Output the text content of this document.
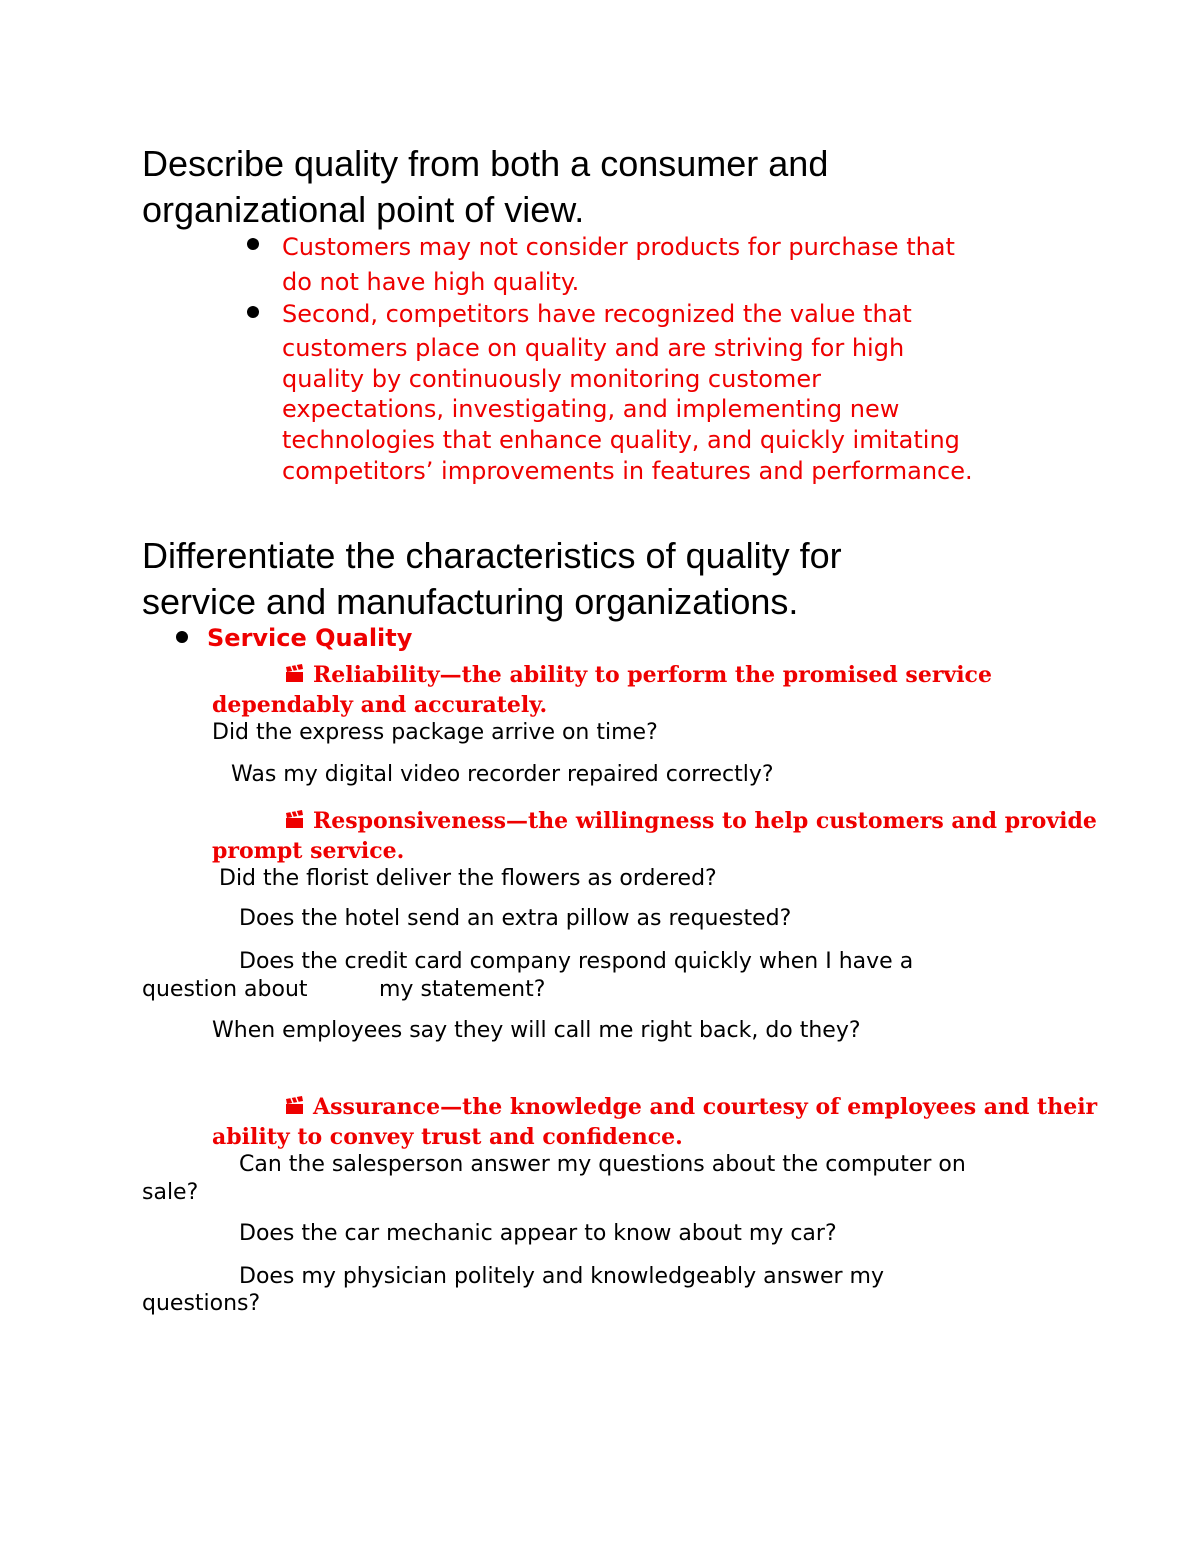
Describe quality from both a consumer and
organizational point of view.
Customers may not consider products for purchase that
do not have high quality.
Second, competitors have recognized the value that
customers place on quality and are striving for high
quality by continuously monitoring customer
expectations, investigating, and implementing new
technologies that enhance quality, and quickly imitating
competitors’ improvements in features and performance.
Differentiate the characteristics of quality for
service and manufacturing organizations.
Service Quality
Reliability—the ability to perform the promised service
dependably and accurately.
Did the express package arrive on time?
Was my digital video recorder repaired correctly?
Responsiveness—the willingness to help customers and provide
prompt service.
Did the florist deliver the flowers as ordered?
Does the hotel send an extra pillow as requested?
Does the credit card company respond quickly when I have a
question about	my statement?
When employees say they will call me right back, do they?
Assurance—the knowledge and courtesy of employees and their
ability to convey trust and confidence.
Can the salesperson answer my questions about the computer on
sale?
Does the car mechanic appear to know about my car?
Does my physician politely and knowledgeably answer my
questions?
